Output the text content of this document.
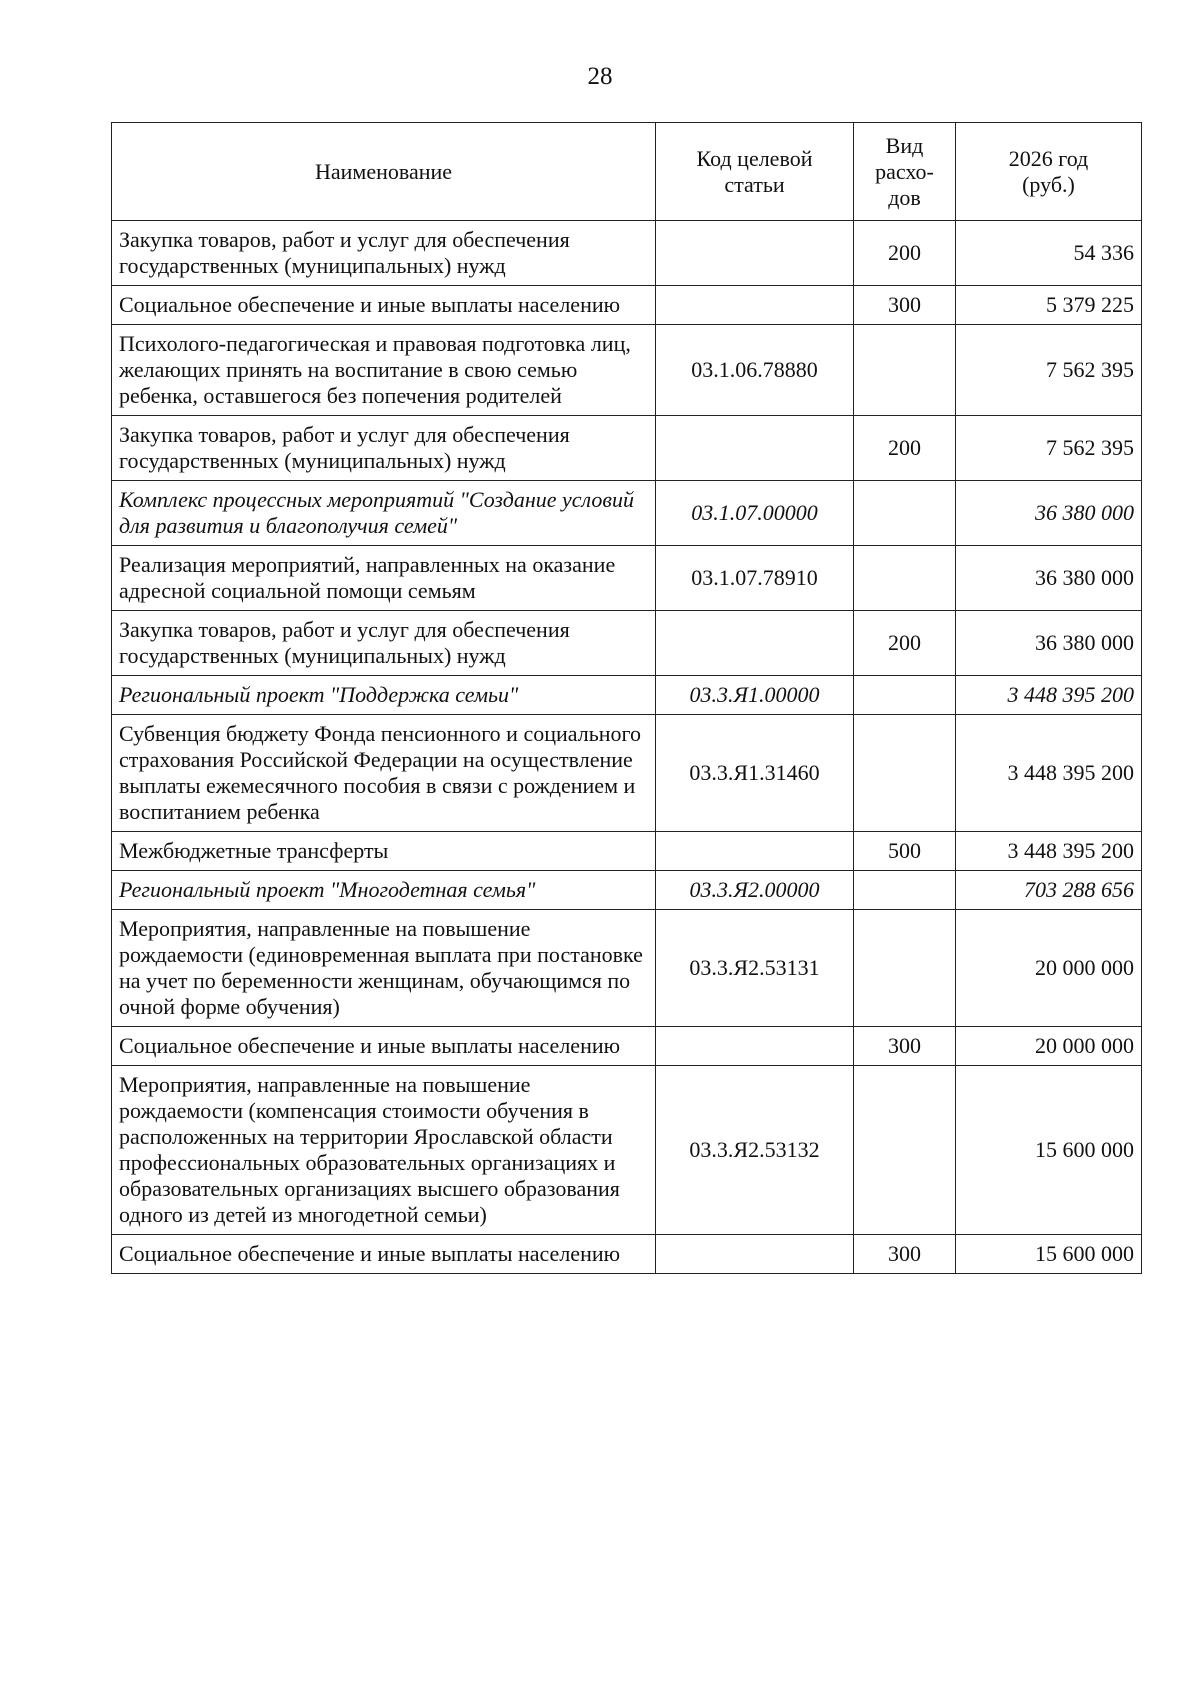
28
Наименование	Код целевой статьи	Вид расхо-дов	2026 год (руб.)
Закупка товаров, работ и услуг для обеспечения государственных (муниципальных) нужд		200	54 336
Социальное обеспечение и иные выплаты населению		300	5 379 225
Психолого-педагогическая и правовая подготовка лиц, желающих принять на воспитание в свою семью ребенка, оставшегося без попечения родителей	03.1.06.78880		7 562 395
Закупка товаров, работ и услуг для обеспечения государственных (муниципальных) нужд		200	7 562 395
Комплекс процессных мероприятий "Создание условий для развития и благополучия семей"	03.1.07.00000		36 380 000
Реализация мероприятий, направленных на оказание адресной социальной помощи семьям	03.1.07.78910		36 380 000
Закупка товаров, работ и услуг для обеспечения государственных (муниципальных) нужд		200	36 380 000
Региональный проект "Поддержка семьи"	03.3.Я1.00000		3 448 395 200
Субвенция бюджету Фонда пенсионного и социального страхования Российской Федерации на осуществление выплаты ежемесячного пособия в связи с рождением и воспитанием ребенка	03.3.Я1.31460		3 448 395 200
Межбюджетные трансферты		500	3 448 395 200
Региональный проект "Многодетная семья"	03.3.Я2.00000		703 288 656
Мероприятия, направленные на повышение рождаемости (единовременная выплата при постановке на учет по беременности женщинам, обучающимся по очной форме обучения)	03.3.Я2.53131		20 000 000
Социальное обеспечение и иные выплаты населению		300	20 000 000
Мероприятия, направленные на повышение рождаемости (компенсация стоимости обучения в расположенных на территории Ярославской области профессиональных образовательных организациях и образовательных организациях высшего образования одного из детей из многодетной семьи)	03.3.Я2.53132		15 600 000
Социальное обеспечение и иные выплаты населению		300	15 600 000
